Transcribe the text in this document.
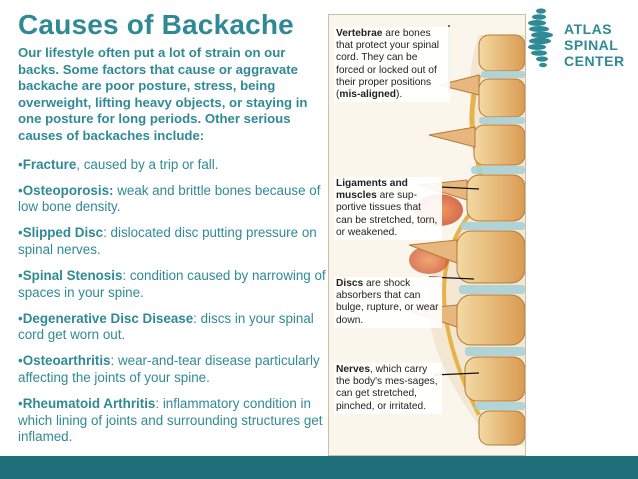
Causes of Backache

Our lifestyle often put a lot of strain on our backs. Some factors that cause or aggravate backache are poor posture, stress, being overweight, lifting heavy objects, or staying in one posture for long periods. Other serious causes of backaches include:

•Fracture, caused by a trip or fall.
•Osteoporosis: weak and brittle bones because of low bone density.
•Slipped Disc: dislocated disc putting pressure on spinal nerves.
•Spinal Stenosis: condition caused by narrowing of spaces in your spine.
•Degenerative Disc Disease: discs in your spinal cord get worn out.
•Osteoarthritis: wear-and-tear disease particularly affecting the joints of your spine.
•Rheumatoid Arthritis: inflammatory condition in which lining of joints and surrounding structures get inflamed.
Vertebrae are bones that protect your spinal cord. They can be forced or locked out of their proper positions (mis-aligned).
Ligaments and muscles are sup-portive tissues that can be stretched, torn, or weakened.
Discs are shock absorbers that can bulge, rupture, or wear down.
Nerves, which carry the body's mes-sages, can get stretched, pinched, or irritated.
ATLAS
SPINAL
CENTER
